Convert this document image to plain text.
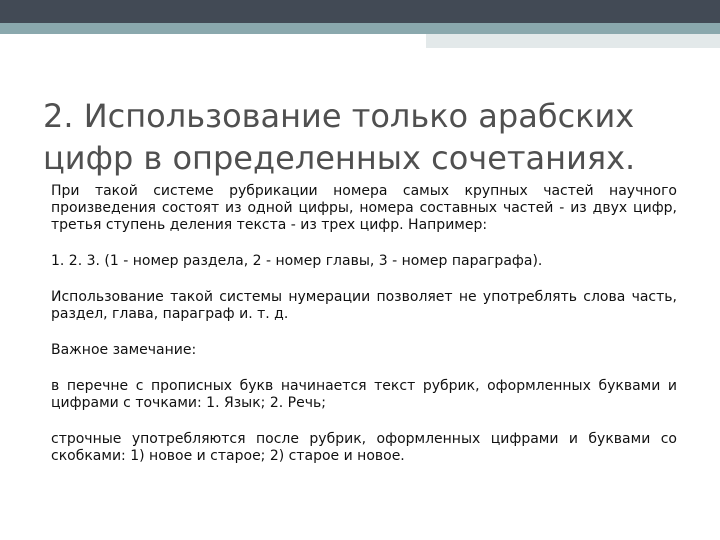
2. Использование только арабских цифр в определенных сочетаниях.

При такой системе рубрикации номера самых крупных частей научного произведения состоят из одной цифры, номера составных частей - из двух цифр, третья ступень деления текста - из трех цифр. Например:

1. 2. 3. (1 - номер раздела, 2 - номер главы, 3 - номер параграфа).

Использование такой системы нумерации позволяет не употреблять слова часть, раздел, глава, параграф и. т. д.

Важное замечание:

в перечне с прописных букв начинается текст рубрик, оформленных буквами и цифрами с точками: 1. Язык; 2. Речь;

строчные употребляются после рубрик, оформленных цифрами и буквами со скобками: 1) новое и старое; 2) старое и новое.
